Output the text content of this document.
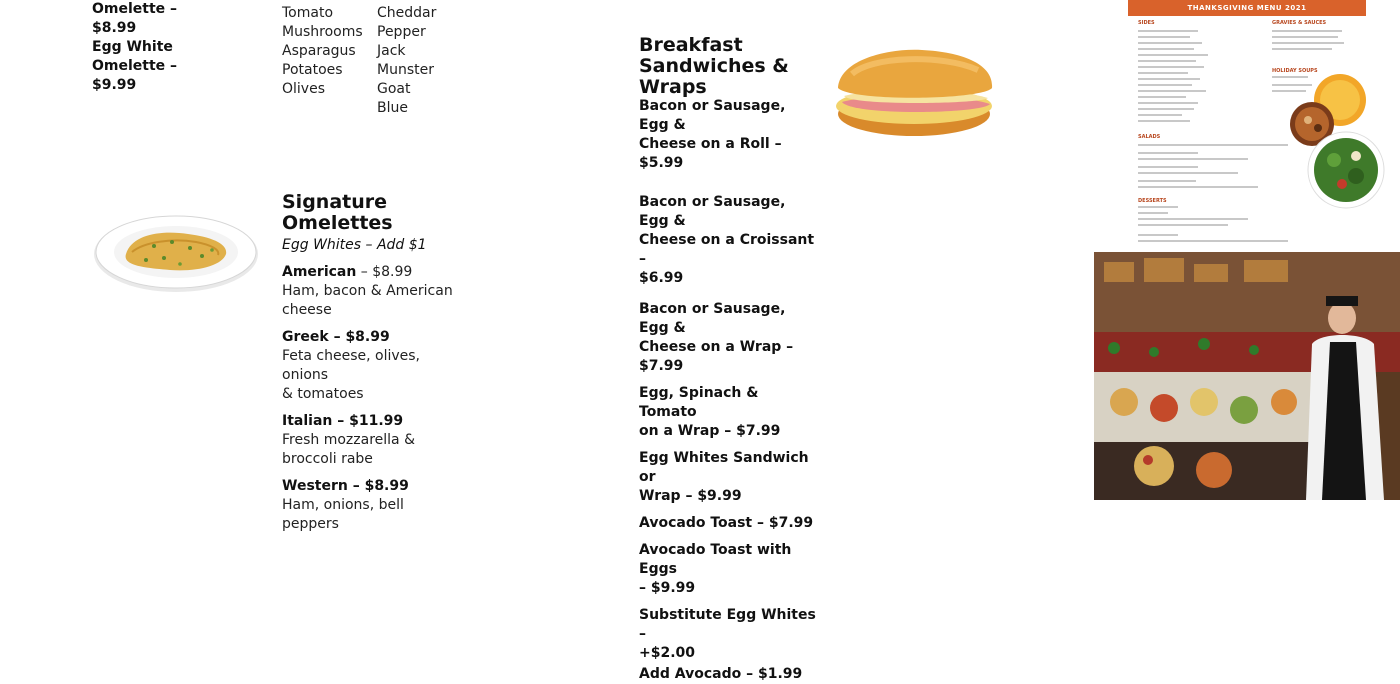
Omelette –
$8.99
Egg White
Omelette –
$9.99
Tomato
Mushrooms
Asparagus
Potatoes
Olives
Cheddar
Pepper
Jack
Munster
Goat
Blue
Signature
Omelettes
Egg Whites – Add $1
American – $8.99
Ham, bacon & American
cheese
Greek – $8.99
Feta cheese, olives, onions
& tomatoes
Italian – $11.99
Fresh mozzarella &
broccoli rabe
Western – $8.99
Ham, onions, bell peppers
Breakfast
Sandwiches &
Wraps
Bacon or Sausage, Egg &
Cheese on a Roll – $5.99
Bacon or Sausage, Egg &
Cheese on a Croissant –
$6.99
Bacon or Sausage, Egg &
Cheese on a Wrap – $7.99
Egg, Spinach & Tomato
on a Wrap – $7.99
Egg Whites Sandwich or
Wrap – $9.99
Avocado Toast – $7.99
Avocado Toast with Eggs
– $9.99
Substitute Egg Whites –
+$2.00
Add Avocado – $1.99
THANKSGIVING MENU 2021
SIDES	GRAVIES & SAUCES
HOLIDAY SOUPS
SALADS
DESSERTS
